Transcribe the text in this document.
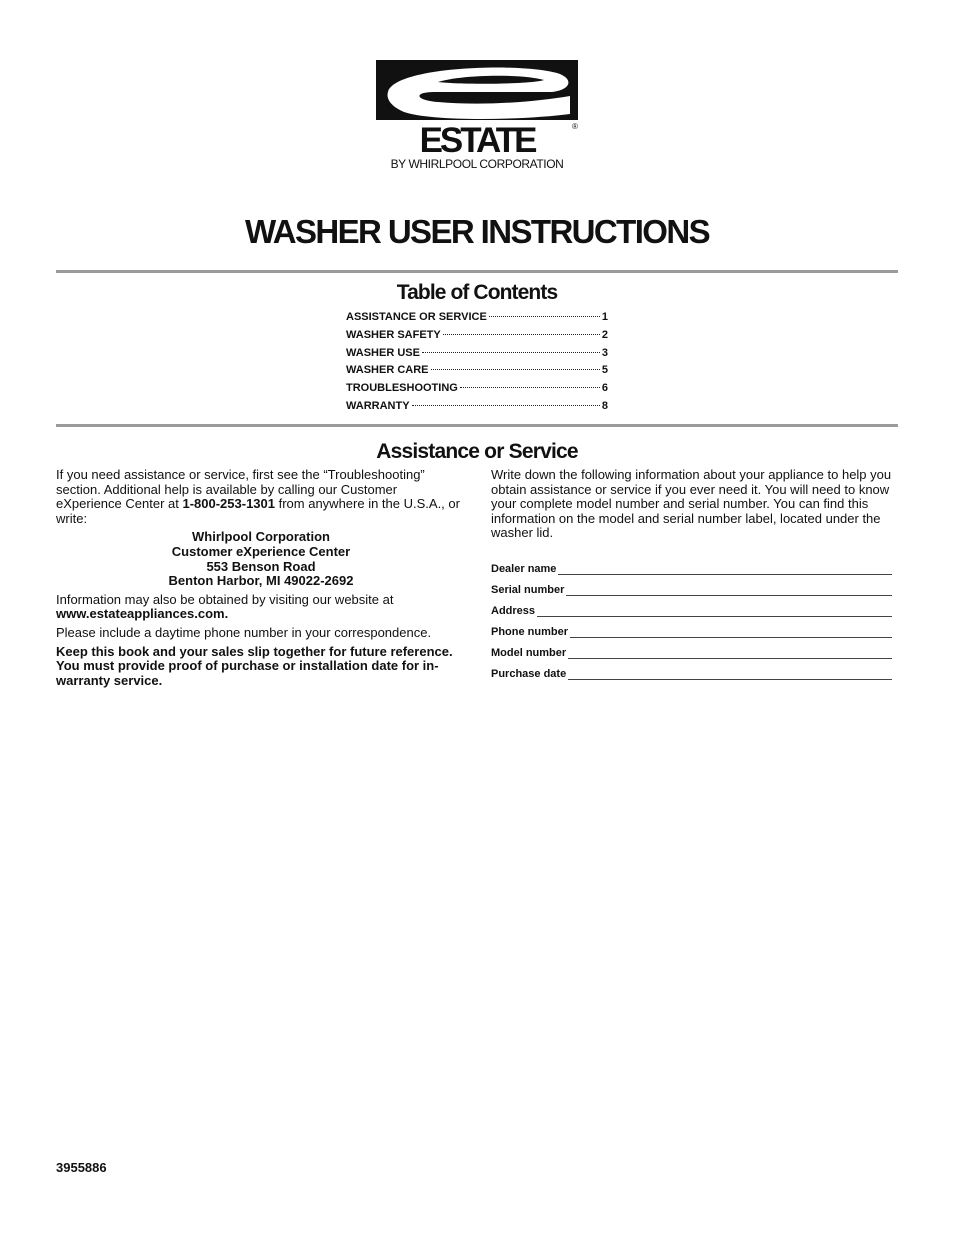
ESTATE	®
BY WHIRLPOOL CORPORATION
WASHER USER INSTRUCTIONS
Table of Contents
ASSISTANCE OR SERVICE	1
WASHER SAFETY	2
WASHER USE	3
WASHER CARE	5
TROUBLESHOOTING	6
WARRANTY	8
Assistance or Service

If you need assistance or service, first see the “Troubleshooting” section. Additional help is available by calling our Customer eXperience Center at 1-800-253-1301 from anywhere in the U.S.A., or write:

Whirlpool Corporation
Customer eXperience Center
553 Benson Road
Benton Harbor, MI 49022-2692

Information may also be obtained by visiting our website at
www.estateappliances.com.

Please include a daytime phone number in your correspondence.

Keep this book and your sales slip together for future reference. You must provide proof of purchase or installation date for in-warranty service.

Write down the following information about your appliance to help you obtain assistance or service if you ever need it. You will need to know your complete model number and serial number. You can find this information on the model and serial number label, located under the washer lid.

Dealer name
Serial number
Address
Phone number
Model number
Purchase date
3955886
